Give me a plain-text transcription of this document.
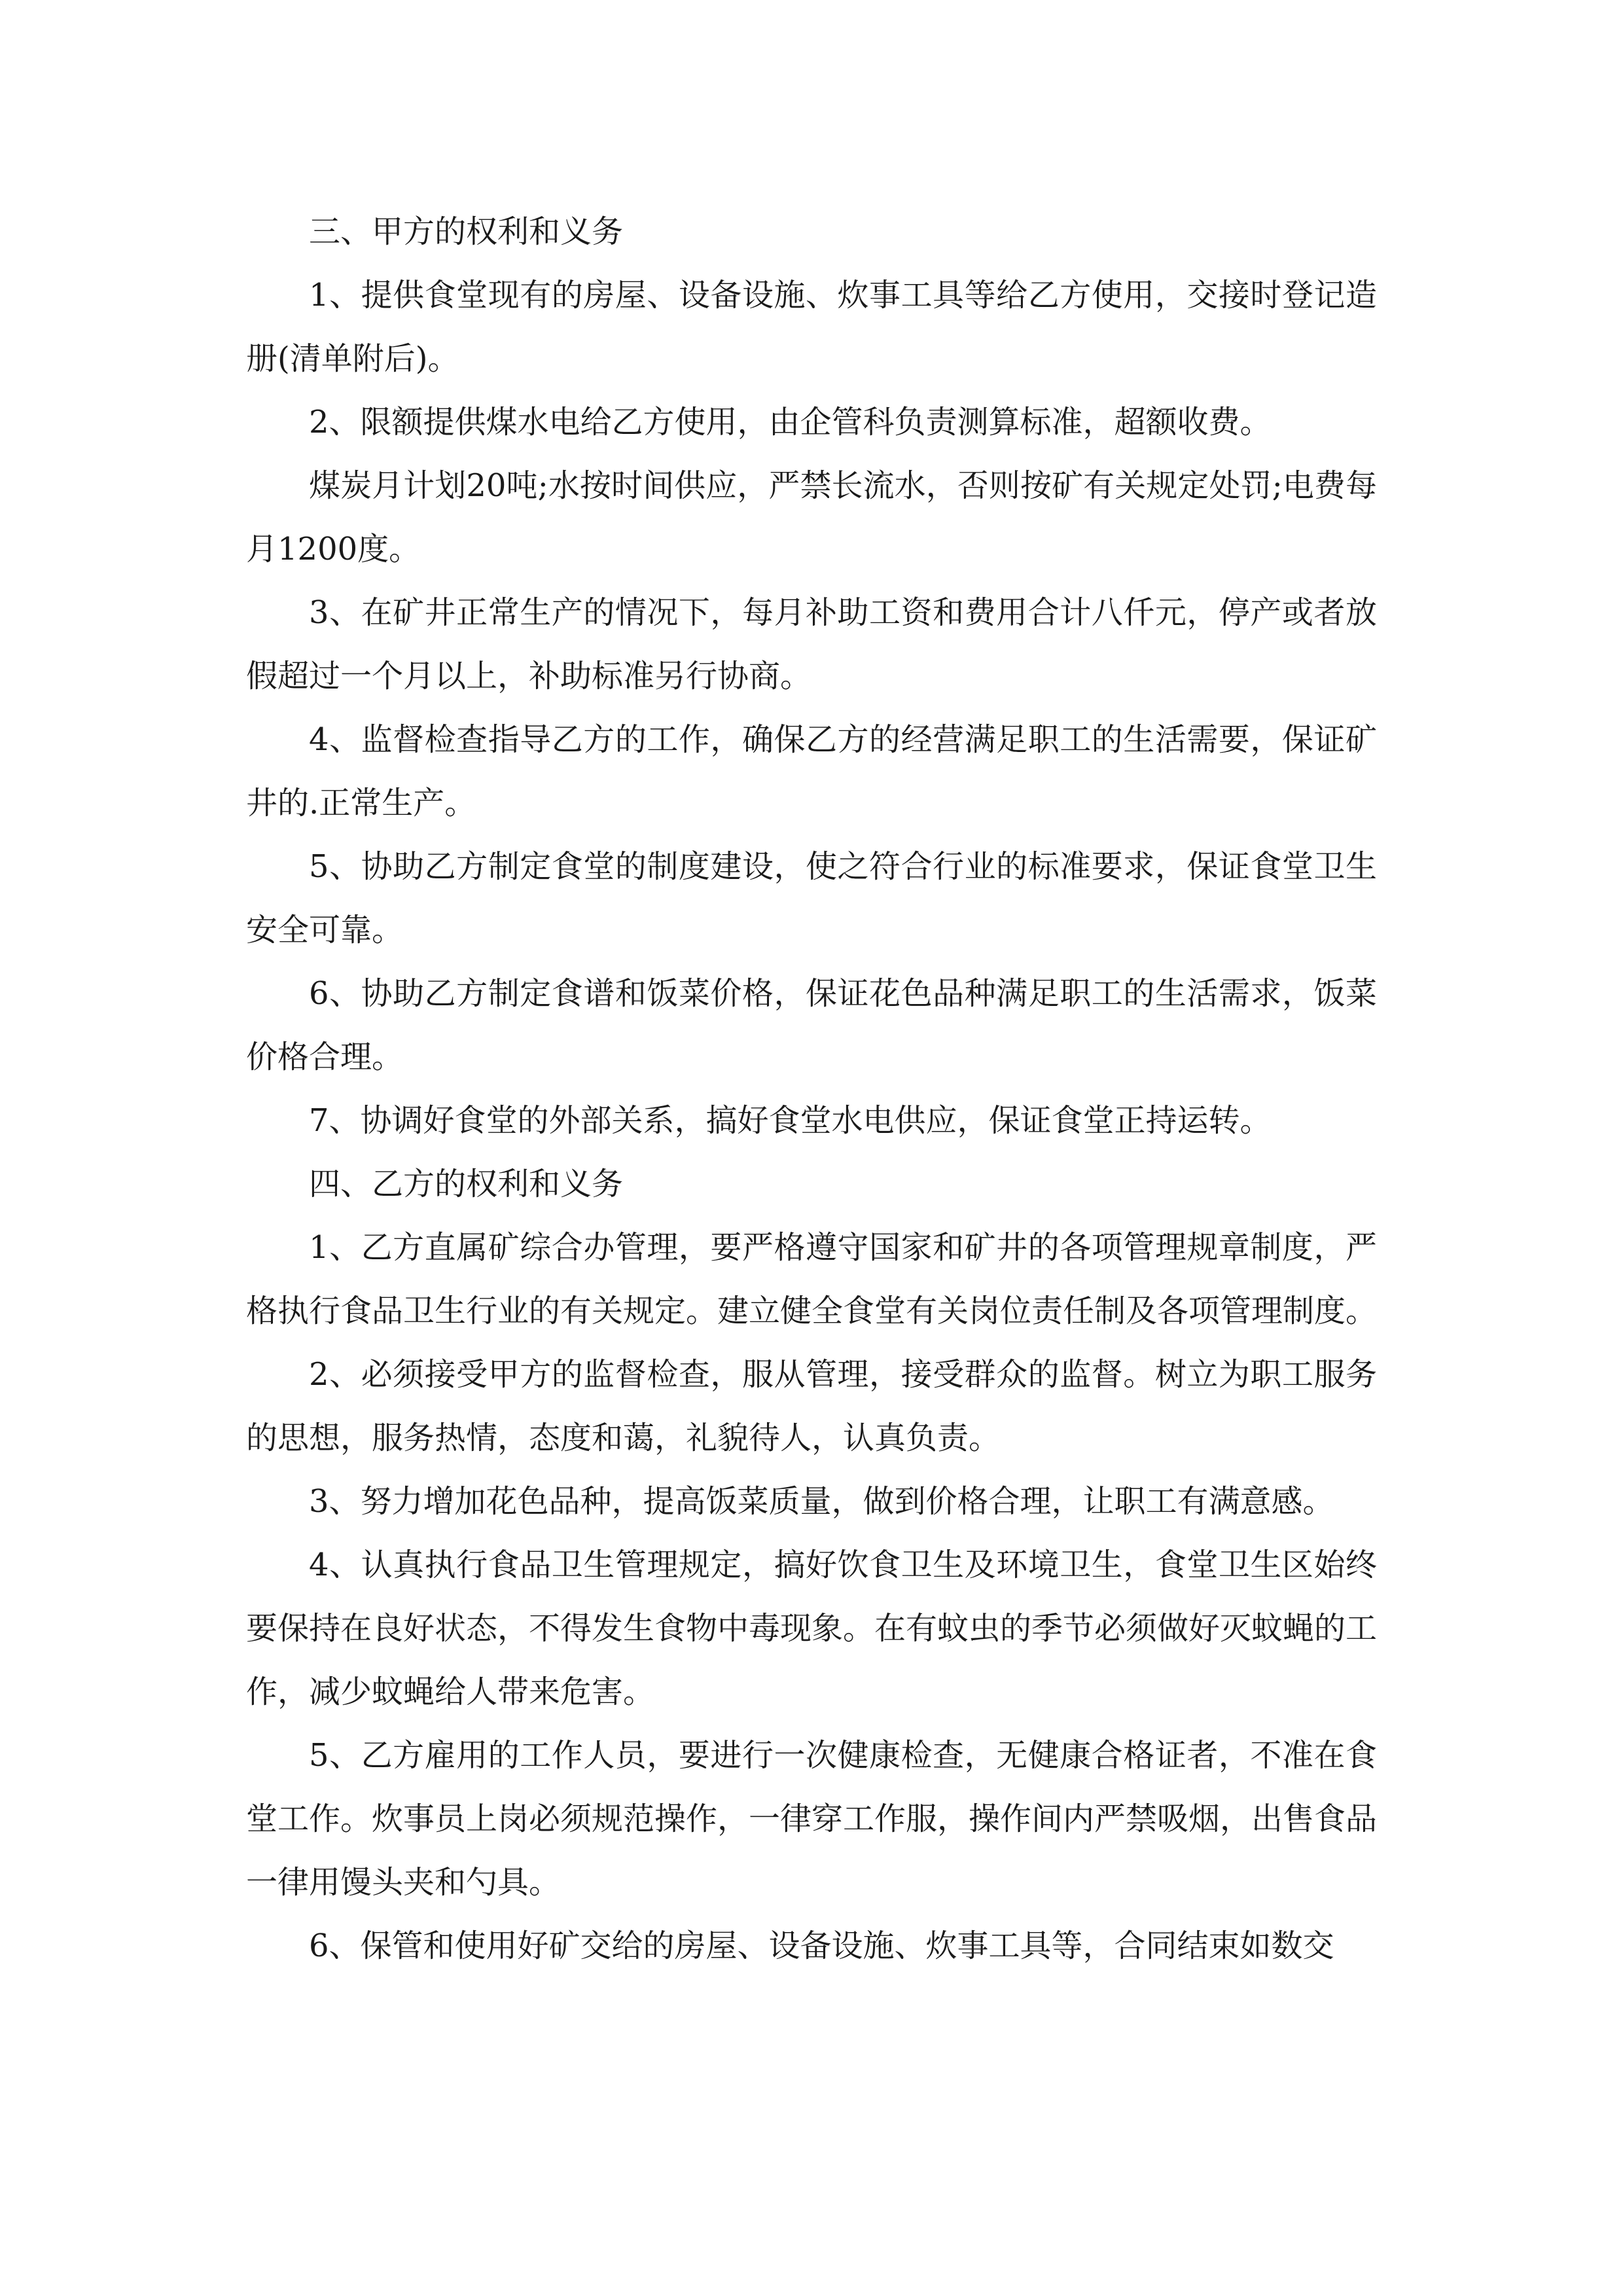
三、甲方的权利和义务

1、提供食堂现有的房屋、设备设施、炊事工具等给乙方使用，交接时登记造册(清单附后)。

2、限额提供煤水电给乙方使用，由企管科负责测算标准，超额收费。

煤炭月计划20吨;水按时间供应，严禁长流水，否则按矿有关规定处罚;电费每月1200度。

3、在矿井正常生产的情况下，每月补助工资和费用合计八仟元，停产或者放假超过一个月以上，补助标准另行协商。

4、监督检查指导乙方的工作，确保乙方的经营满足职工的生活需要，保证矿井的.正常生产。

5、协助乙方制定食堂的制度建设，使之符合行业的标准要求，保证食堂卫生安全可靠。

6、协助乙方制定食谱和饭菜价格，保证花色品种满足职工的生活需求，饭菜价格合理。

7、协调好食堂的外部关系，搞好食堂水电供应，保证食堂正持运转。

四、乙方的权利和义务

1、乙方直属矿综合办管理，要严格遵守国家和矿井的各项管理规章制度，严格执行食品卫生行业的有关规定。建立健全食堂有关岗位责任制及各项管理制度。

2、必须接受甲方的监督检查，服从管理，接受群众的监督。树立为职工服务的思想，服务热情，态度和蔼，礼貌待人，认真负责。

3、努力增加花色品种，提高饭菜质量，做到价格合理，让职工有满意感。

4、认真执行食品卫生管理规定，搞好饮食卫生及环境卫生，食堂卫生区始终要保持在良好状态，不得发生食物中毒现象。在有蚊虫的季节必须做好灭蚊蝇的工作，减少蚊蝇给人带来危害。

5、乙方雇用的工作人员，要进行一次健康检查，无健康合格证者，不准在食堂工作。炊事员上岗必须规范操作，一律穿工作服，操作间内严禁吸烟，出售食品一律用馒头夹和勺具。

6、保管和使用好矿交给的房屋、设备设施、炊事工具等，合同结束如数交
